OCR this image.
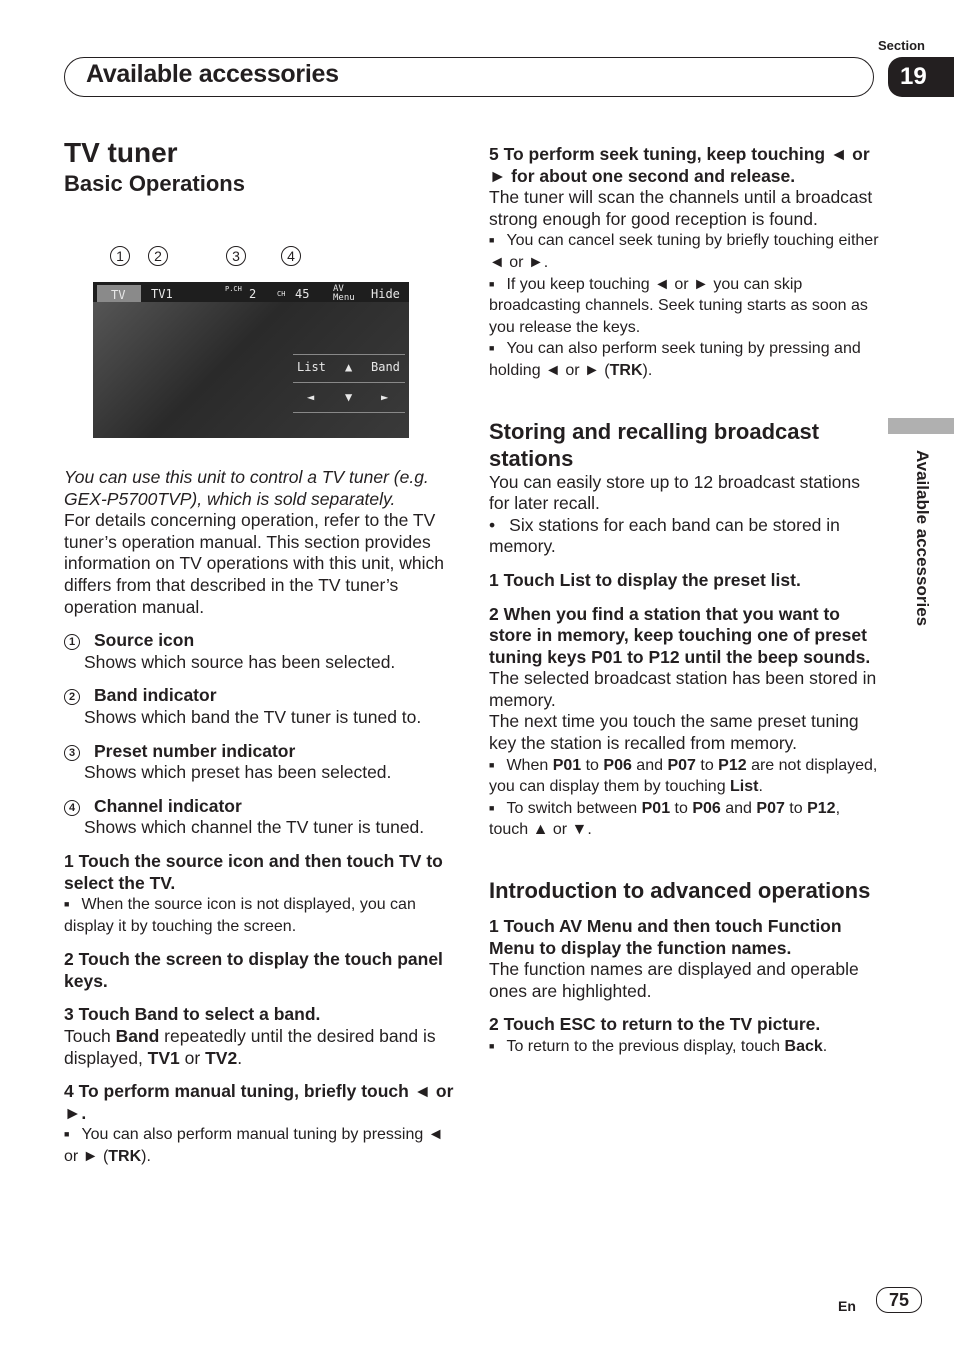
Section
Available accessories	19
Available accessories
1	2	3	4
TV TV1	P.CH 2	CH 45	AV Menu	Hide
List ▲ Band
◄	▼ ►

TV tuner

Basic Operations

You can use this unit to control a TV tuner (e.g. GEX-P5700TVP), which is sold separately.

For details concerning operation, refer to the TV tuner’s operation manual. This section provides information on TV operations with this unit, which differs from that described in the TV tuner’s operation manual.

1 Source icon

Shows which source has been selected.

2 Band indicator

Shows which band the TV tuner is tuned to.

3 Preset number indicator

Shows which preset has been selected.

4 Channel indicator

Shows which channel the TV tuner is tuned.

1 Touch the source icon and then touch TV to select the TV.

■ When the source icon is not displayed, you can display it by touching the screen.

2 Touch the screen to display the touch panel keys.

3 Touch Band to select a band.

Touch Band repeatedly until the desired band is displayed, TV1 or TV2.

4 To perform manual tuning, briefly touch ◄ or ►.

■ You can also perform manual tuning by pressing ◄ or ► (TRK).

5 To perform seek tuning, keep touching ◄ or ► for about one second and release.

The tuner will scan the channels until a broadcast strong enough for good reception is found.

■ You can cancel seek tuning by briefly touching either ◄ or ►.

■ If you keep touching ◄ or ► you can skip broadcasting channels. Seek tuning starts as soon as you release the keys.

■ You can also perform seek tuning by pressing and holding ◄ or ► (TRK).

Storing and recalling broadcast stations

You can easily store up to 12 broadcast stations for later recall.

• Six stations for each band can be stored in memory.

1 Touch List to display the preset list.

2 When you find a station that you want to store in memory, keep touching one of preset tuning keys P01 to P12 until the beep sounds.

The selected broadcast station has been stored in memory.

The next time you touch the same preset tuning key the station is recalled from memory.

■ When P01 to P06 and P07 to P12 are not displayed, you can display them by touching List.

■ To switch between P01 to P06 and P07 to P12, touch ▲ or ▼.

Introduction to advanced operations

1 Touch AV Menu and then touch Function Menu to display the function names.

The function names are displayed and operable ones are highlighted.

2 Touch ESC to return to the TV picture.

■ To return to the previous display, touch Back.

En	75
